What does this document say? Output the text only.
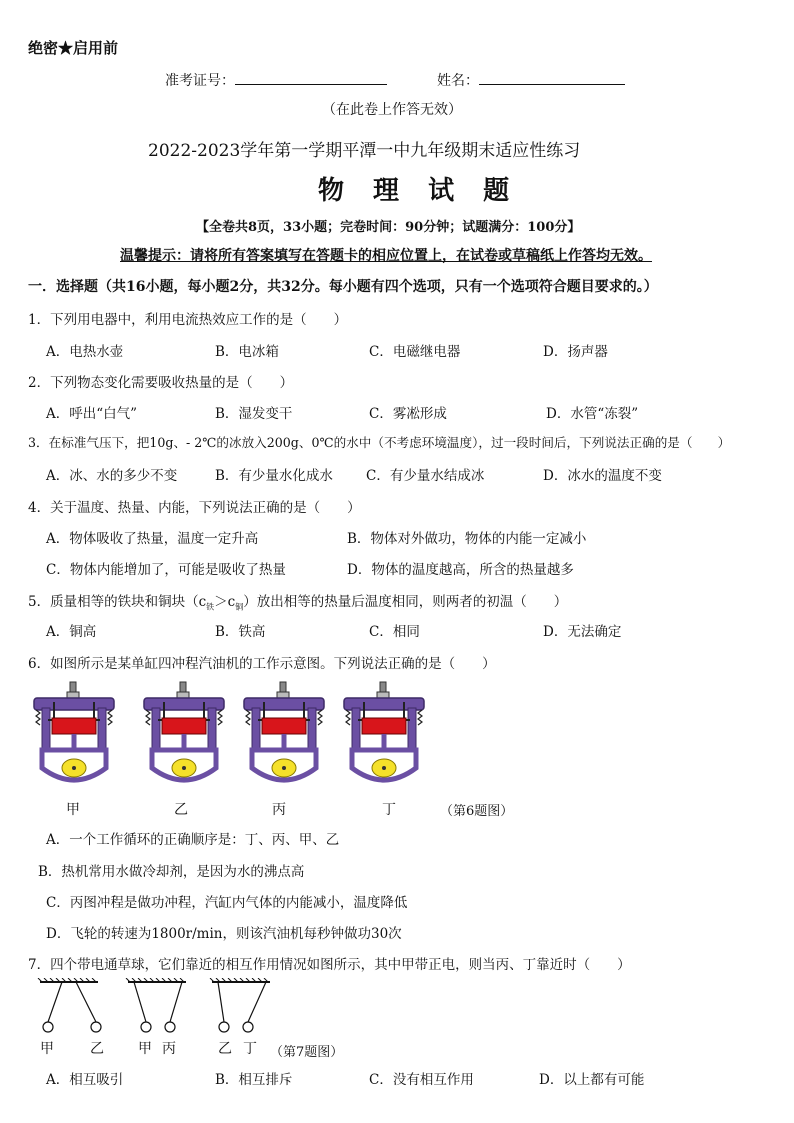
绝密★启用前
准考证号：	姓名：
（在此卷上作答无效）
2022-2023学年第一学期平潭一中九年级期末适应性练习
物 理 试 题
【全卷共8页，33小题；完卷时间：90分钟；试题满分：100分】
温馨提示：请将所有答案填写在答题卡的相应位置上，在试卷或草稿纸上作答均无效。
一．选择题（共16小题，每小题2分，共32分。每小题有四个选项，只有一个选项符合题目要求的。）
1．下列用电器中，利用电流热效应工作的是（　　）
A．电热水壶	B．电冰箱	C．电磁继电器	D．扬声器
2．下列物态变化需要吸收热量的是（　　）
A．呼出“白气”	B．湿发变干	C．雾凇形成	D．水管“冻裂”
3．在标准气压下，把10g、- 2℃的冰放入200g、0℃的水中（不考虑环境温度），过一段时间后，下列说法正确的是（　　）
A．冰、水的多少不变	B．有少量水化成水 C．有少量水结成冰	D．冰水的温度不变
4．关于温度、热量、内能，下列说法正确的是（　　）
A．物体吸收了热量，温度一定升高	B．物体对外做功，物体的内能一定减小
C．物体内能增加了，可能是吸收了热量	D．物体的温度越高，所含的热量越多
5．质量相等的铁块和铜块$(c_铁>c_铜)$放出相等的热量后温度相同，则两者的初温（　　）
A．铜高	B．铁高	C．相同	D．无法确定
6．如图所示是某单缸四冲程汽油机的工作示意图。下列说法正确的是（　　）
甲	乙	丙	丁	（第6题图）
A．一个工作循环的正确顺序是：丁、丙、甲、乙
B．热机常用水做冷却剂，是因为水的沸点高
C．丙图冲程是做功冲程，汽缸内气体的内能减小，温度降低
D．飞轮的转速为1800r/min，则该汽油机每秒钟做功30次
7．四个带电通草球，它们靠近的相互作用情况如图所示，其中甲带正电，则当丙、丁靠近时（　　）
甲	乙 甲 丙	乙 丁 （第7题图）
A．相互吸引	B．相互排斥	C．没有相互作用	D．以上都有可能
